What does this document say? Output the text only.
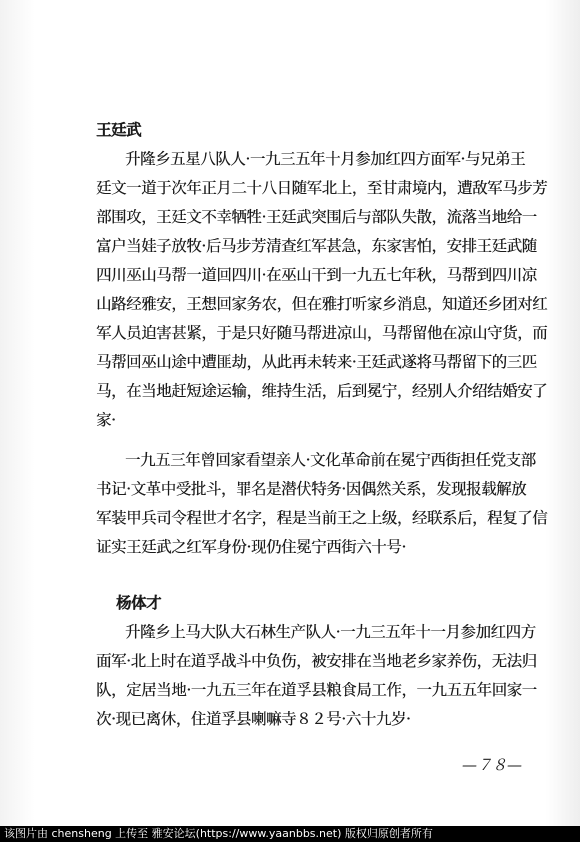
王廷武
升隆乡五星八队人·一九三五年十月参加红四方面军·与兄弟王
廷文一道于次年正月二十八日随军北上，至甘肃境内，遭敌军马步芳
部围攻，王廷文不幸牺牲·王廷武突围后与部队失散，流落当地给一
富户当娃子放牧·后马步芳清查红军甚急，东家害怕，安排王廷武随
四川巫山马帮一道回四川·在巫山干到一九五七年秋，马帮到四川凉
山路经雅安，王想回家务农，但在雅打听家乡消息，知道还乡团对红
军人员迫害甚紧，于是只好随马帮进凉山，马帮留他在凉山守货，而
马帮回巫山途中遭匪劫，从此再未转来·王廷武遂将马帮留下的三匹
马，在当地赶短途运输，维持生活，后到冕宁，经别人介绍结婚安了
家·
一九五三年曾回家看望亲人·文化革命前在冕宁西街担任党支部
书记·文革中受批斗，罪名是潜伏特务·因偶然关系，发现报载解放
军装甲兵司令程世才名字，程是当前王之上级，经联系后，程复了信
证实王廷武之红军身份·现仍住冕宁西街六十号·
杨体才
升隆乡上马大队大石林生产队人·一九三五年十一月参加红四方
面军·北上时在道孚战斗中负伤，被安排在当地老乡家养伤，无法归
队，定居当地·一九五三年在道孚县粮食局工作，一九五五年回家一
次·现已离休，住道孚县喇嘛寺８２号·六十九岁·
—７８—
该图片由 chensheng 上传至 雅安论坛(https://www.yaanbbs.net) 版权归原创者所有
